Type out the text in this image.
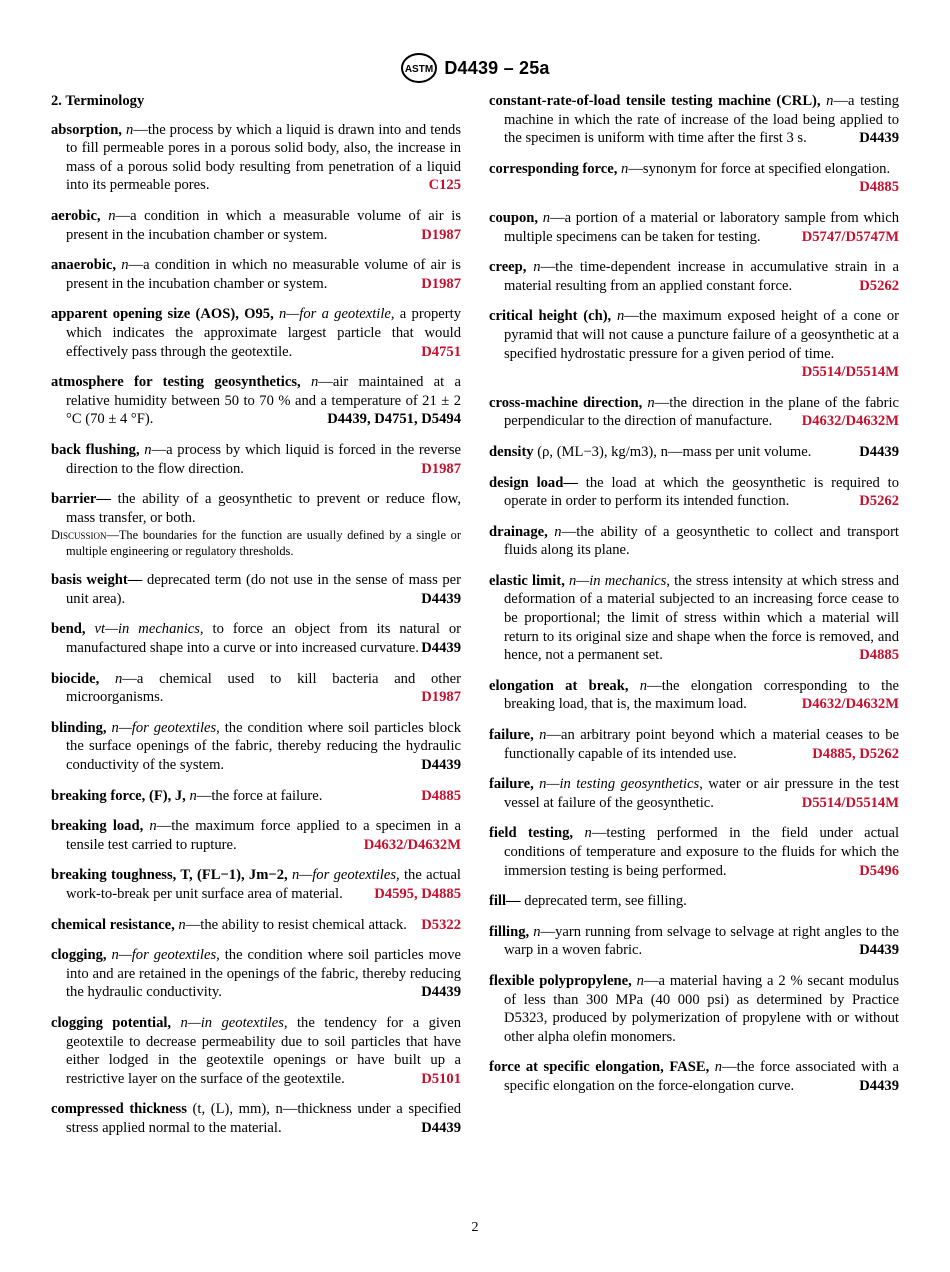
ASTM D4439 – 25a
2. Terminology

absorption, n—the process by which a liquid is drawn into and tends to fill permeable pores in a porous solid body, also, the increase in mass of a porous solid body resulting from penetration of a liquid into its permeable pores.	C125

aerobic, n—a condition in which a measurable volume of air is present in the incubation chamber or system.	D1987

anaerobic, n—a condition in which no measurable volume of air is present in the incubation chamber or system.	D1987

apparent opening size (AOS), O95, n—for a geotextile, a property which indicates the approximate largest particle that would effectively pass through the geotextile.	D4751

atmosphere for testing geosynthetics, n—air maintained at a relative humidity between 50 to 70 % and a temperature of 21 ± 2 °C (70 ± 4 °F).	D4439, D4751, D5494

back flushing, n—a process by which liquid is forced in the reverse direction to the flow direction.	D1987

barrier— the ability of a geosynthetic to prevent or reduce flow, mass transfer, or both.

Discussion—The boundaries for the function are usually defined by a single or multiple engineering or regulatory thresholds.

basis weight— deprecated term (do not use in the sense of mass per unit area).	D4439

bend, vt—in mechanics, to force an object from its natural or manufactured shape into a curve or into increased curvature. D4439

biocide, n—a chemical used to kill bacteria and other microorganisms.	D1987

blinding, n—for geotextiles, the condition where soil particles block the surface openings of the fabric, thereby reducing the hydraulic conductivity of the system.	D4439

breaking force, (F), J, n—the force at failure.	D4885

breaking load, n—the maximum force applied to a specimen in a tensile test carried to rupture.	D4632/D4632M

breaking toughness, T, (FL−1), Jm−2, n—for geotextiles, the actual work-to-break per unit surface area of material. D4595, D4885

chemical resistance, n—the ability to resist chemical attack. D5322

clogging, n—for geotextiles, the condition where soil particles move into and are retained in the openings of the fabric, thereby reducing the hydraulic conductivity.	D4439

clogging potential, n—in geotextiles, the tendency for a given geotextile to decrease permeability due to soil particles that have either lodged in the geotextile openings or have built up a restrictive layer on the surface of the geotextile.	D5101

compressed thickness (t, (L), mm), n—thickness under a specified stress applied normal to the material.	D4439

constant-rate-of-load tensile testing machine (CRL), n—a testing machine in which the rate of increase of the load being applied to the specimen is uniform with time after the first 3 s.	D4439

corresponding force, n—synonym for force at specified elongation.
D4885

coupon, n—a portion of a material or laboratory sample from which multiple specimens can be taken for testing.	D5747/D5747M

creep, n—the time-dependent increase in accumulative strain in a material resulting from an applied constant force.	D5262

critical height (ch), n—the maximum exposed height of a cone or pyramid that will not cause a puncture failure of a geosynthetic at a specified hydrostatic pressure for a given period of time.
D5514/D5514M

cross-machine direction, n—the direction in the plane of the fabric perpendicular to the direction of manufacture. D4632/D4632M

density (ρ, (ML−3), kg/m3), n—mass per unit volume.	D4439

design load— the load at which the geosynthetic is required to operate in order to perform its intended function.	D5262

drainage, n—the ability of a geosynthetic to collect and transport fluids along its plane.

elastic limit, n—in mechanics, the stress intensity at which stress and deformation of a material subjected to an increasing force cease to be proportional; the limit of stress within which a material will return to its original size and shape when the force is removed, and hence, not a permanent set.	D4885

elongation at break, n—the elongation corresponding to the breaking load, that is, the maximum load.	D4632/D4632M

failure, n—an arbitrary point beyond which a material ceases to be functionally capable of its intended use.	D4885, D5262

failure, n—in testing geosynthetics, water or air pressure in the test vessel at failure of the geosynthetic.	D5514/D5514M

field testing, n—testing performed in the field under actual conditions of temperature and exposure to the fluids for which the immersion testing is being performed.	D5496

fill— deprecated term, see filling.

filling, n—yarn running from selvage to selvage at right angles to the warp in a woven fabric.	D4439

flexible polypropylene, n—a material having a 2 % secant modulus of less than 300 MPa (40 000 psi) as determined by Practice D5323, produced by polymerization of propylene with or without other alpha olefin monomers.

force at specific elongation, FASE, n—the force associated with a specific elongation on the force-elongation curve.	D4439

2
